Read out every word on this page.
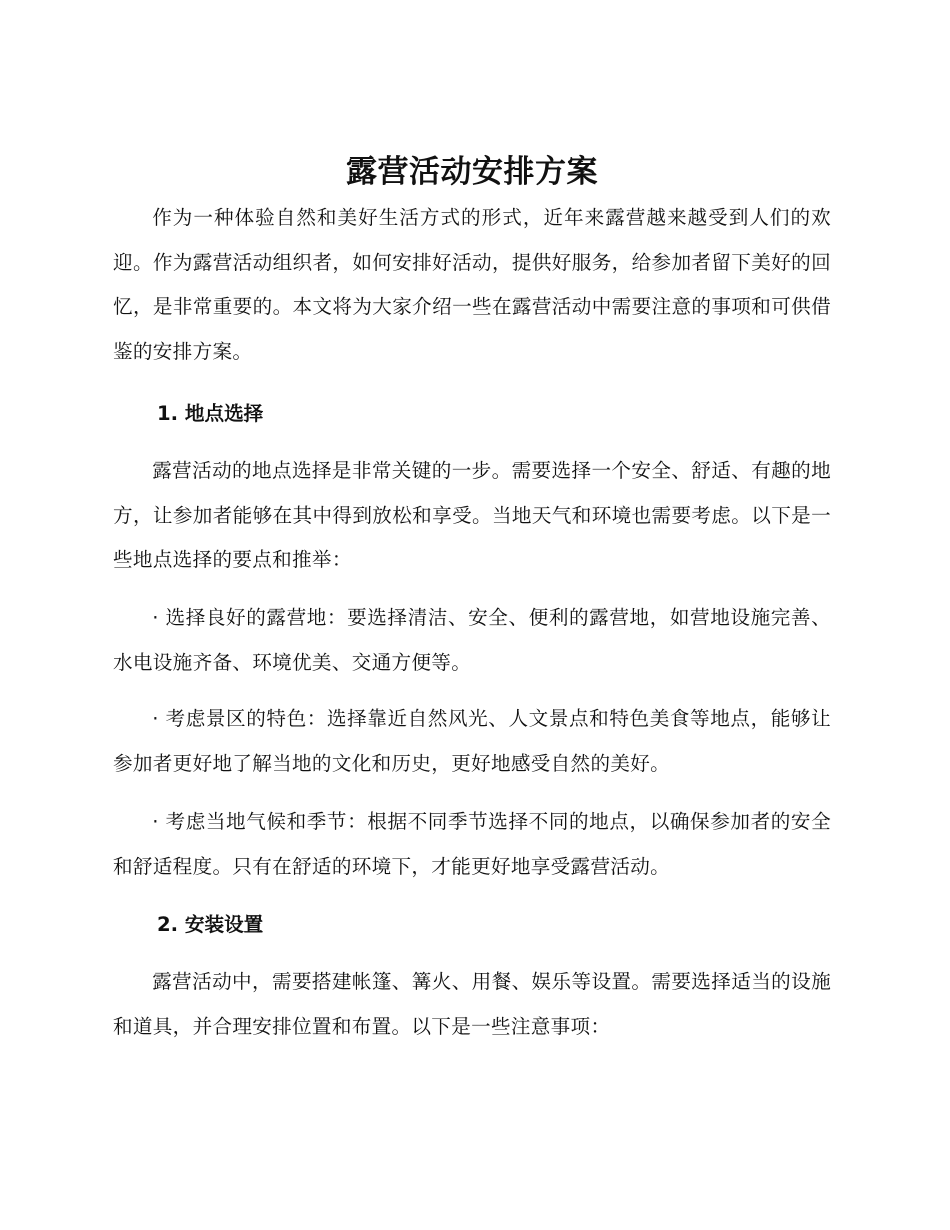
露营活动安排方案

作为一种体验自然和美好生活方式的形式，近年来露营越来越受到人们的欢迎。作为露营活动组织者，如何安排好活动，提供好服务，给参加者留下美好的回忆，是非常重要的。本文将为大家介绍一些在露营活动中需要注意的事项和可供借鉴的安排方案。

1. 地点选择

露营活动的地点选择是非常关键的一步。需要选择一个安全、舒适、有趣的地方，让参加者能够在其中得到放松和享受。当地天气和环境也需要考虑。以下是一些地点选择的要点和推举：

· 选择良好的露营地：要选择清洁、安全、便利的露营地，如营地设施完善、水电设施齐备、环境优美、交通方便等。

· 考虑景区的特色：选择靠近自然风光、人文景点和特色美食等地点，能够让参加者更好地了解当地的文化和历史，更好地感受自然的美好。

· 考虑当地气候和季节：根据不同季节选择不同的地点，以确保参加者的安全和舒适程度。只有在舒适的环境下，才能更好地享受露营活动。

2. 安装设置

露营活动中，需要搭建帐篷、篝火、用餐、娱乐等设置。需要选择适当的设施和道具，并合理安排位置和布置。以下是一些注意事项：
